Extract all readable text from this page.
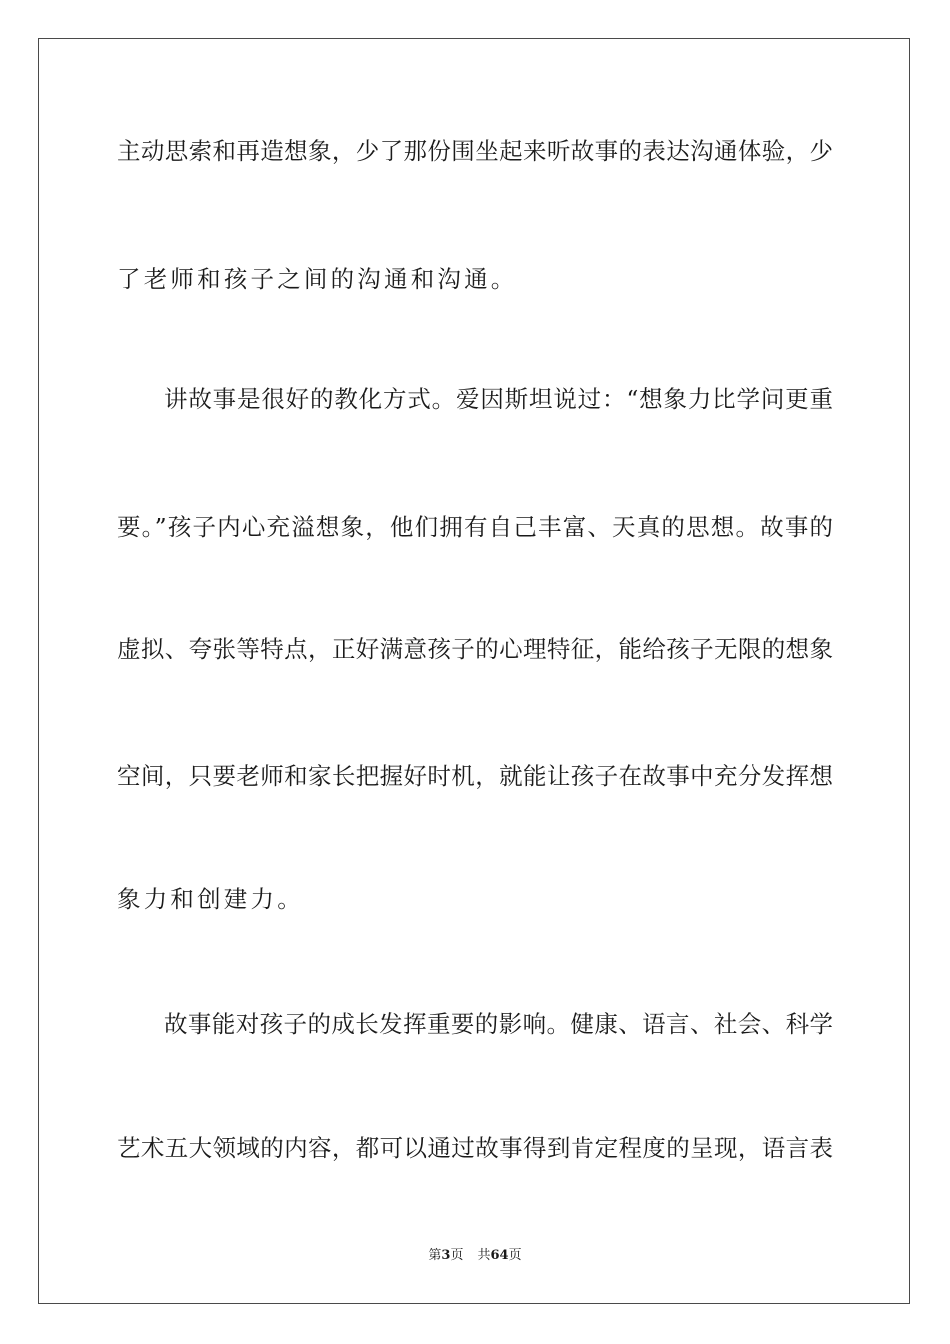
主动思索和再造想象，少了那份围坐起来听故事的表达沟通体验，少
了老师和孩子之间的沟通和沟通。
讲故事是很好的教化方式。爱因斯坦说过：“想象力比学问更重
要。”孩子内心充溢想象，他们拥有自己丰富、天真的思想。故事的
虚拟、夸张等特点，正好满意孩子的心理特征，能给孩子无限的想象
空间，只要老师和家长把握好时机，就能让孩子在故事中充分发挥想
象力和创建力。
故事能对孩子的成长发挥重要的影响。健康、语言、社会、科学
艺术五大领域的内容，都可以通过故事得到肯定程度的呈现，语言表
第3页 共64页
